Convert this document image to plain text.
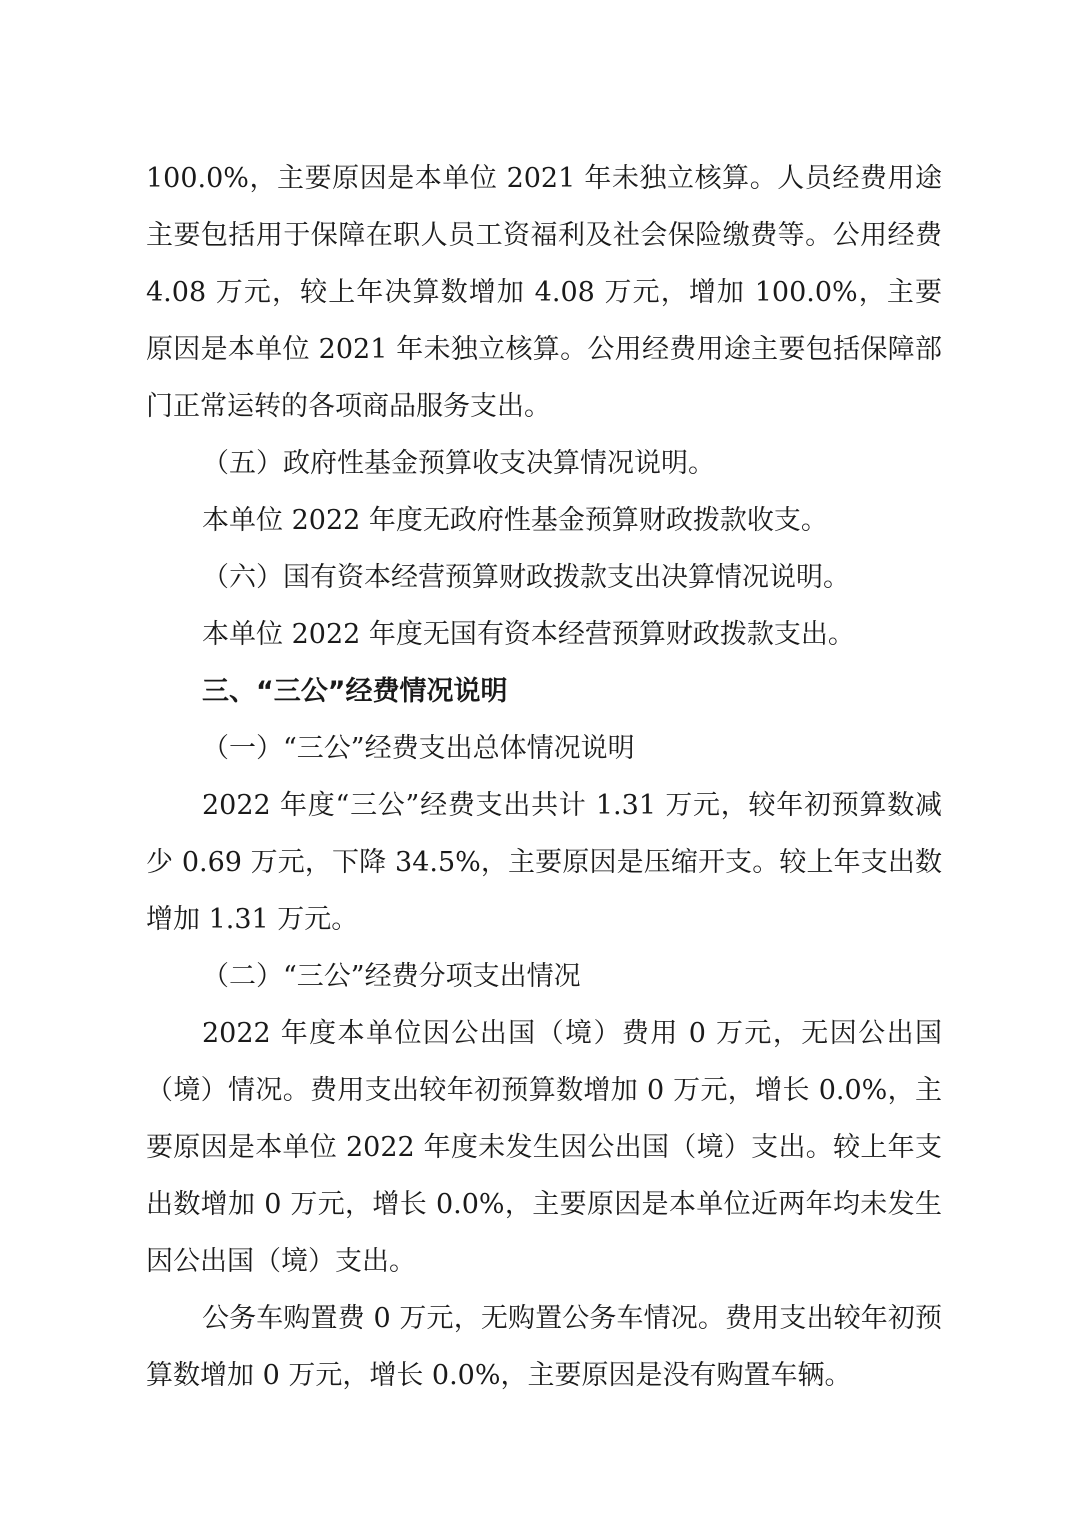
100.0%，主要原因是本单位 2021 年未独立核算。人员经费用途主要包括用于保障在职人员工资福利及社会保险缴费等。公用经费 4.08 万元，较上年决算数增加 4.08 万元，增加 100.0%，主要原因是本单位 2021 年未独立核算。公用经费用途主要包括保障部门正常运转的各项商品服务支出。

（五）政府性基金预算收支决算情况说明。

本单位 2022 年度无政府性基金预算财政拨款收支。

（六）国有资本经营预算财政拨款支出决算情况说明。

本单位 2022 年度无国有资本经营预算财政拨款支出。

三、“三公”经费情况说明

（一）“三公”经费支出总体情况说明

2022 年度“三公”经费支出共计 1.31 万元，较年初预算数减少 0.69 万元，下降 34.5%，主要原因是压缩开支。较上年支出数增加 1.31 万元。

（二）“三公”经费分项支出情况

2022 年度本单位因公出国（境）费用 0 万元，无因公出国（境）情况。费用支出较年初预算数增加 0 万元，增长 0.0%，主要原因是本单位 2022 年度未发生因公出国（境）支出。较上年支出数增加 0 万元，增长 0.0%，主要原因是本单位近两年均未发生因公出国（境）支出。

公务车购置费 0 万元，无购置公务车情况。费用支出较年初预算数增加 0 万元，增长 0.0%，主要原因是没有购置车辆。
